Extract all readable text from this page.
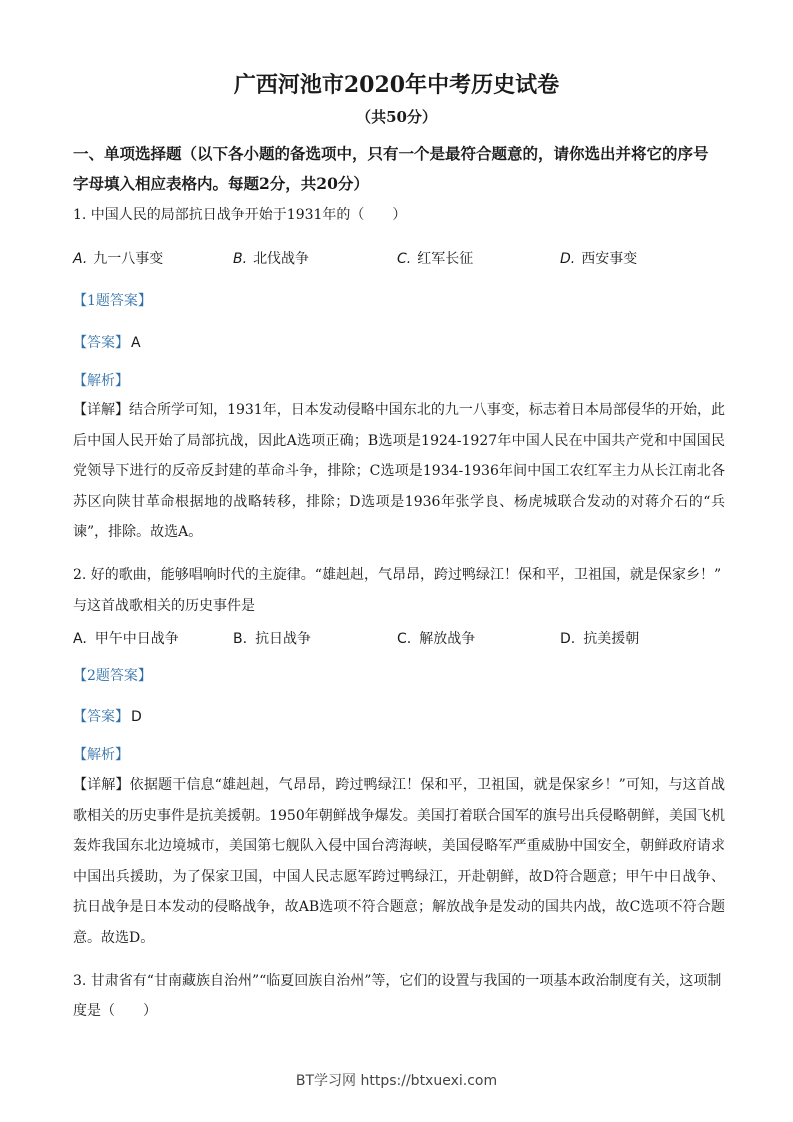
广西河池市2020年中考历史试卷
（共50分）
一、单项选择题（以下各小题的备选项中，只有一个是最符合题意的，请你选出并将它的序号字母填入相应表格内。每题2分，共20分）
1. 中国人民的局部抗日战争开始于1931年的（　　）
A. 九一八事变	B. 北伐战争	C. 红军长征	D. 西安事变
【1题答案】
【答案】 A
【解析】
【详解】结合所学可知，1931年，日本发动侵略中国东北的九一八事变，标志着日本局部侵华的开始，此后中国人民开始了局部抗战，因此A选项正确；B选项是1924-1927年中国人民在中国共产党和中国国民党领导下进行的反帝反封建的革命斗争，排除；C选项是1934-1936年间中国工农红军主力从长江南北各苏区向陕甘革命根据地的战略转移，排除；D选项是1936年张学良、杨虎城联合发动的对蒋介石的“兵谏”，排除。故选A。
2. 好的歌曲，能够唱响时代的主旋律。“雄赳赳，气昂昂，跨过鸭绿江！保和平，卫祖国，就是保家乡！”
与这首战歌相关的历史事件是
A. 甲午中日战争	B. 抗日战争	C. 解放战争	D. 抗美援朝
【2题答案】
【答案】 D
【解析】
【详解】依据题干信息“雄赳赳，气昂昂，跨过鸭绿江！保和平，卫祖国，就是保家乡！”可知，与这首战歌相关的历史事件是抗美援朝。1950年朝鲜战争爆发。美国打着联合国军的旗号出兵侵略朝鲜，美国飞机轰炸我国东北边境城市，美国第七舰队入侵中国台湾海峡，美国侵略军严重威胁中国安全，朝鲜政府请求中国出兵援助，为了保家卫国，中国人民志愿军跨过鸭绿江，开赴朝鲜，故D符合题意；甲午中日战争、抗日战争是日本发动的侵略战争，故AB选项不符合题意；解放战争是发动的国共内战，故C选项不符合题意。故选D。
3. 甘肃省有“甘南藏族自治州”“临夏回族自治州”等，它们的设置与我国的一项基本政治制度有关，这项制度是（　　）
BT学习网 https://btxuexi.com
